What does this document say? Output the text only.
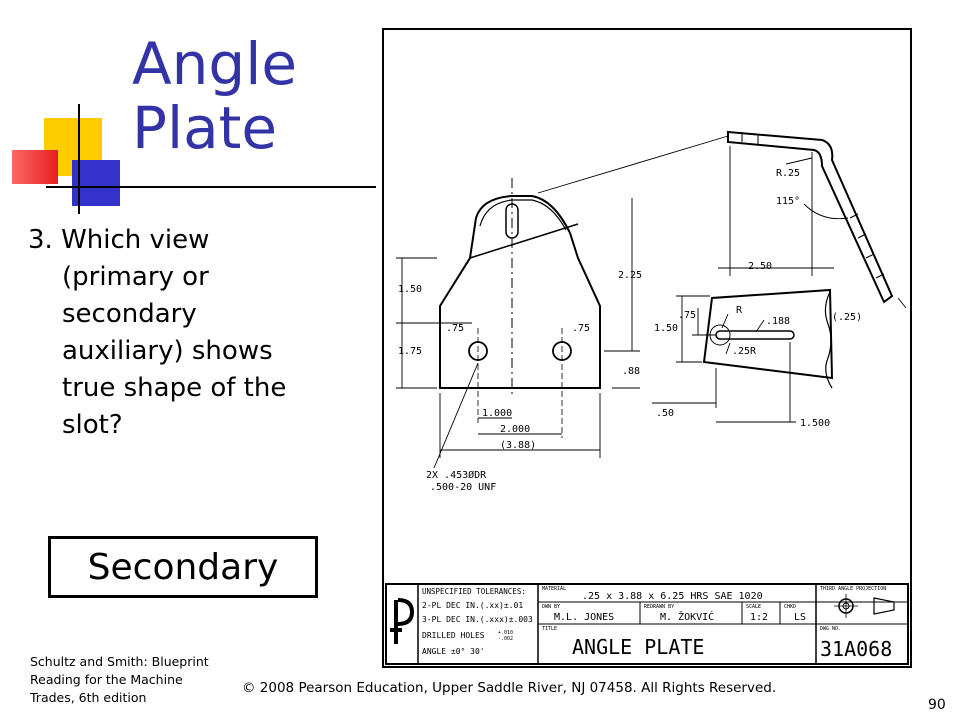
Angle
Plate
3. Which view
(primary or
secondary
auxiliary) shows
true shape of the
slot?
Secondary
Schultz and Smith: Blueprint
Reading for the Machine
Trades, 6th edition
© 2008 Pearson Education, Upper Saddle River, NJ 07458. All Rights Reserved.
90
1.50
1.75
2.25
.75	.75
.88
1.000
2.000
(3.88)
2X .453ØDR
.500-20 UNF
R.25
115°
2.50
.75
1.50
R
.188
.25R
(.25)
.50
1.500
UNSPECIFIED TOLERANCES:
2-PL DEC IN.(.xx)±.01
3-PL DEC IN.(.xxx)±.003
DRILLED HOLES	+.010
-.002
ANGLE ±0° 30'
MATERIAL
.25 x 3.88 x 6.25 HRS SAE 1020
THIRD ANGLE PROJECTION
DWN BY
M.L. JONES
REDRAWN BY
M. ŽOKVIĆ
SCALE
1:2
CHKD
LS
TITLE
ANGLE PLATE
DWG NO.
31A068
